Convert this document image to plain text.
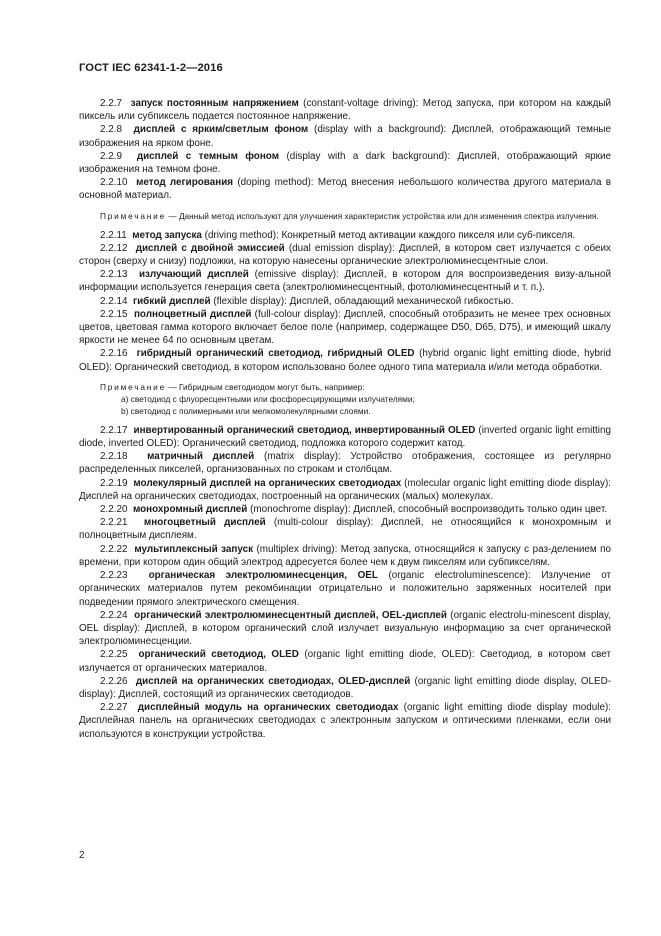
ГОСТ IEC 62341-1-2—2016

2.2.7 запуск постоянным напряжением (constant-voltage driving): Метод запуска, при котором на каждый пиксель или субпиксель подается постоянное напряжение.

2.2.8 дисплей с ярким/светлым фоном (display with a background): Дисплей, отображающий темные изображения на ярком фоне.

2.2.9 дисплей с темным фоном (display with a dark background): Дисплей, отображающий яркие изображения на темном фоне.

2.2.10 метод легирования (doping method): Метод внесения небольшого количества другого материала в основной материал.

Примечание — Данный метод используют для улучшения характеристик устройства или для изменения спектра излучения.

2.2.11 метод запуска (driving method): Конкретный метод активации каждого пикселя или суб-пикселя.

2.2.12 дисплей с двойной эмиссией (dual emission display): Дисплей, в котором свет излучается с обеих сторон (сверху и снизу) подложки, на которую нанесены органические электролюминесцентные слои.

2.2.13 излучающий дисплей (emissive display): Дисплей, в котором для воспроизведения визу-альной информации используется генерация света (электролюминесцентный, фотолюминесцентный и т. п.).

2.2.14 гибкий дисплей (flexible display): Дисплей, обладающий механической гибкостью.

2.2.15 полноцветный дисплей (full-colour display): Дисплей, способный отобразить не менее трех основных цветов, цветовая гамма которого включает белое поле (например, содержащее D50, D65, D75), и имеющий шкалу яркости не менее 64 по основным цветам.

2.2.16 гибридный органический светодиод, гибридный OLED (hybrid organic light emitting diode, hybrid OLED): Органический светодиод, в котором использовано более одного типа материала и/или метода обработки.

Примечание — Гибридным светодиодом могут быть, например:

a) светодиод с флуоресцентными или фосфоресцирующими излучателями;

b) светодиод с полимерными или мелкомолекулярными слоями.

2.2.17 инвертированный органический светодиод, инвертированный OLED (inverted organic light emitting diode, inverted OLED): Органический светодиод, подложка которого содержит катод.

2.2.18 матричный дисплей (matrix display): Устройство отображения, состоящее из регулярно распределенных пикселей, организованных по строкам и столбцам.

2.2.19 молекулярный дисплей на органических светодиодах (molecular organic light emitting diode display): Дисплей на органических светодиодах, построенный на органических (малых) молекулах.

2.2.20 монохромный дисплей (monochrome display): Дисплей, способный воспроизводить только один цвет.

2.2.21 многоцветный дисплей (multi-colour display): Дисплей, не относящийся к монохромным и полноцветным дисплеям.

2.2.22 мультиплексный запуск (multiplex driving): Метод запуска, относящийся к запуску с раз-делением по времени, при котором один общий электрод адресуется более чем к двум пикселям или субпикселям.

2.2.23 органическая электролюминесценция, OEL (organic electroluminescence): Излучение от органических материалов путем рекомбинации отрицательно и положительно заряженных носителей при подведении прямого электрического смещения.

2.2.24 органический электролюминесцентный дисплей, OEL-дисплей (organic electrolu-minescent display, OEL display): Дисплей, в котором органический слой излучает визуальную информацию за счет органической электролюминесценции.

2.2.25 органический светодиод, OLED (organic light emitting diode, OLED): Светодиод, в котором свет излучается от органических материалов.

2.2.26 дисплей на органических светодиодах, OLED-дисплей (organic light emitting diode display, OLED-display): Дисплей, состоящий из органических светодиодов.

2.2.27 дисплейный модуль на органических светодиодах (organic light emitting diode display module): Дисплейная панель на органических светодиодах с электронным запуском и оптическими пленками, если они используются в конструкции устройства.

2
